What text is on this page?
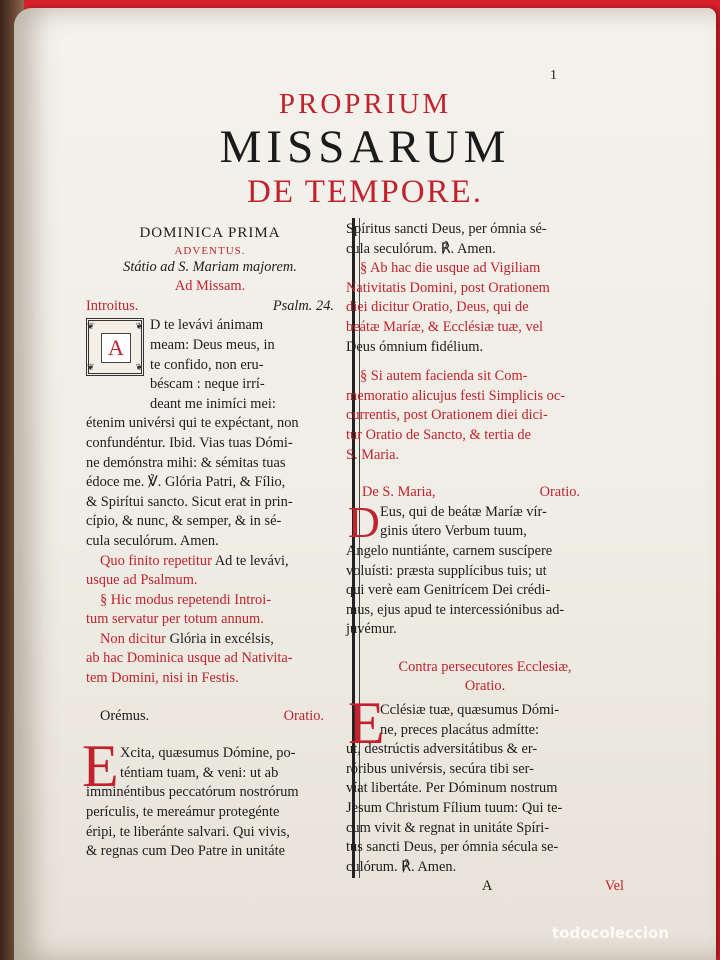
1
PROPRIUM
MISSARUM
DE TEMPORE.
DOMINICA PRIMA
ADVENTUS.
Státio ad S. Mariam majorem.
Ad Missam.
Introitus.	Psalm. 24.
❦	❦
❦	❦
A
D te levávi ánimam
meam: Deus meus, in
te confido, non eru-
béscam : neque irrí-
deant me inimíci mei:
étenim univérsi qui te expéctant, non
confundéntur. Ibid. Vias tuas Dómi-
ne demónstra mihi: & sémitas tuas
édoce me. ℣. Glória Patri, & Fílio,
& Spirítui sancto. Sicut erat in prin-
cípio, & nunc, & semper, & in sé-
cula seculórum. Amen.
Quo finito repetitur Ad te levávi,
usque ad Psalmum.
§ Hic modus repetendi Introi-
tum servatur per totum annum.
Non dicitur Glória in excélsis,
ab hac Dominica usque ad Nativita-
tem Domini, nisi in Festis.
Orémus.	Oratio.
E Xcita, quæsumus Dómine, po-
téntiam tuam, & veni: ut ab
imminéntibus peccatórum nostrórum
perículis, te mereámur protegénte
éripi, te liberánte salvari. Qui vivis,
& regnas cum Deo Patre in unitáte
Spíritus sancti Deus, per ómnia sé-
cula seculórum. ℟. Amen.
§ Ab hac die usque ad Vigiliam
Nativitatis Domini, post Orationem
diei dicitur Oratio, Deus, qui de
beátæ Maríæ, & Ecclésiæ tuæ, vel
Deus ómnium fidélium.
§ Si autem facienda sit Com-
memoratio alicujus festi Simplicis oc-
currentis, post Orationem diei dici-
tur Oratio de Sancto, & tertia de
S. Maria.
De S. Maria,	Oratio.
D Eus, qui de beátæ Maríæ vír-
ginis útero Verbum tuum,
Angelo nuntiánte, carnem suscípere
voluísti: præsta supplícibus tuis; ut
qui verè eam Genitrícem Dei crédi-
mus, ejus apud te intercessiónibus ad-
juvémur.
Contra persecutores Ecclesiæ,
Oratio.
E
Cclésiæ tuæ, quæsumus Dómi-
ne, preces placátus admítte:
ut, destrúctis adversitátibus & er-
róribus univérsis, secúra tibi ser-
víat libertáte. Per Dóminum nostrum
Jesum Christum Fílium tuum: Qui te-
cum vivit & regnat in unitáte Spíri-
tus sancti Deus, per ómnia sécula se-
culórum. ℟. Amen.
A	Vel
todocoleccion
